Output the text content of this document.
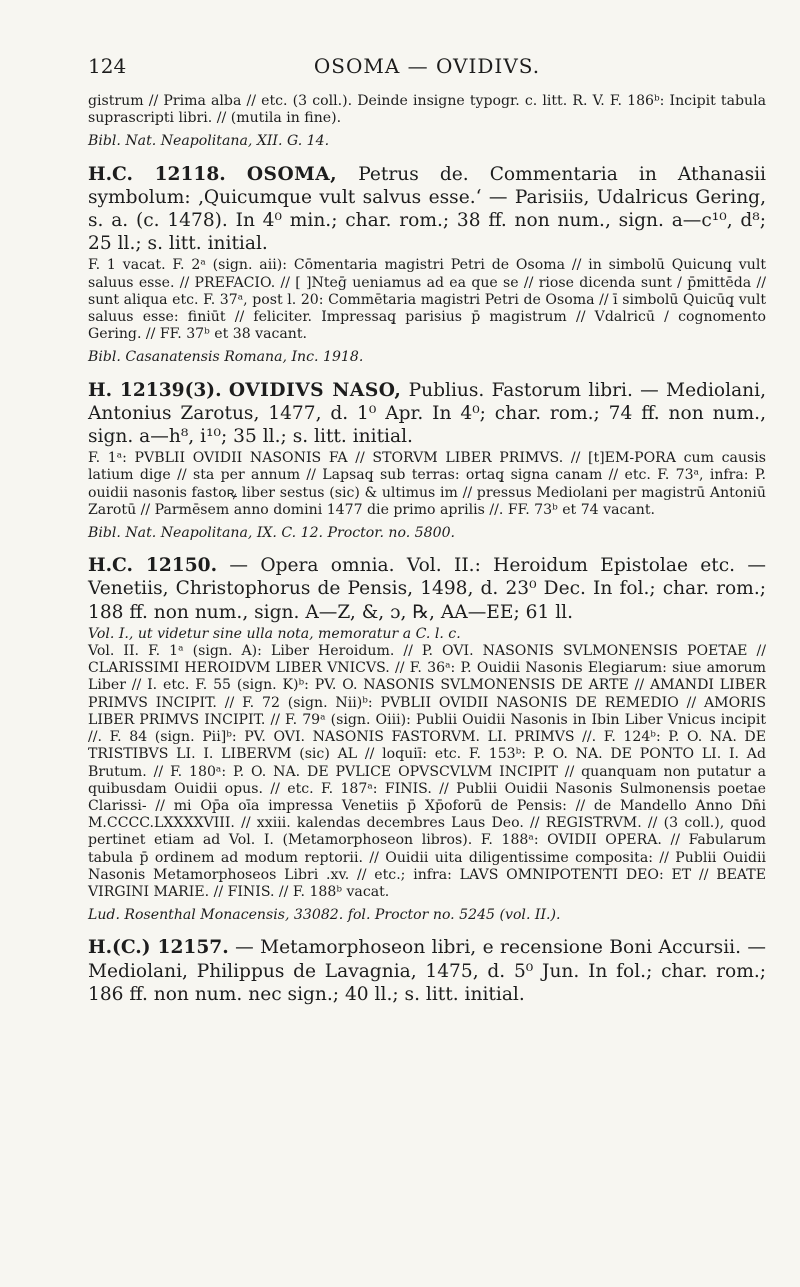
124	OSOMA — OVIDIVS.

gistrum // Prima alba // etc. (3 coll.). Deinde insigne typogr. c. litt. R. V. F. 186ᵇ: Incipit tabula suprascripti libri. // (mutila in fine).

Bibl. Nat. Neapolitana, XII. G. 14.

H.C. 12118. OSOMA, Petrus de. Commentaria in Athanasii symbolum: ‚Quicumque vult salvus esse.‘ — Parisiis, Udalricus Gering, s. a. (c. 1478). In 4⁰ min.; char. rom.; 38 ff. non num., sign. a—c¹⁰, d⁸; 25 ll.; s. litt. initial.

F. 1 vacat. F. 2ᵃ (sign. aii): Cōmentaria magistri Petri de Osoma // in simbolū Quicunq̧ vult saluus esse. // PREFACIO. // [ ]Nteḡ ueniamus ad ea que se // riose dicenda sunt / p̄mittēda // sunt aliqua etc. F. 37ᵃ, post l. 20: Commētaria magistri Petri de Osoma // ī simbolū Quicūq̧ vult saluus esse: finiūt // feliciter. Impressaq̧ parisius p̄ magistrum // Vdalricū / cognomento Gering. // FF. 37ᵇ et 38 vacant.

Bibl. Casanatensis Romana, Inc. 1918.

H. 12139(3). OVIDIVS NASO, Publius. Fastorum libri. — Mediolani, Antonius Zarotus, 1477, d. 1⁰ Apr. In 4⁰; char. rom.; 74 ff. non num., sign. a—h⁸, i¹⁰; 35 ll.; s. litt. initial.

F. 1ᵃ: PVBLII OVIDII NASONIS FA // STORVM LIBER PRIMVS. // [t]EM-PORA cum causis latium dige // sta per annum // Lapsaq̧ sub terras: ortaq̧ signa canam // etc. F. 73ᵃ, infra: P. ouidii nasonis fastoꝶ liber sestus (sic) & ultimus im // pressus Mediolani per magistrū Antoniū Zarotū // Parmēsem anno domini 1477 die primo aprilis //. FF. 73ᵇ et 74 vacant.

Bibl. Nat. Neapolitana, IX. C. 12. Proctor. no. 5800.

H.C. 12150. — Opera omnia. Vol. II.: Heroidum Epistolae etc. — Venetiis, Christophorus de Pensis, 1498, d. 23⁰ Dec. In fol.; char. rom.; 188 ff. non num., sign. A—Z, &, ɔ, ℞, AA—EE; 61 ll.

Vol. I., ut videtur sine ulla nota, memoratur a C. l. c.

Vol. II. F. 1ᵃ (sign. A): Liber Heroidum. // P. OVI. NASONIS SVLMONENSIS POETAE // CLARISSIMI HEROIDVM LIBER VNICVS. // F. 36ᵃ: P. Ouidii Nasonis Elegiarum: siue amorum Liber // I. etc. F. 55 (sign. K)ᵇ: PV. O. NASONIS SVLMONENSIS DE ARTE // AMANDI LIBER PRIMVS INCIPIT. // F. 72 (sign. Nii)ᵇ: PVBLII OVIDII NASONIS DE REMEDIO // AMORIS LIBER PRIMVS INCIPIT. // F. 79ᵃ (sign. Oiii): Publii Ouidii Nasonis in Ibin Liber Vnicus incipit //. F. 84 (sign. Pii]ᵇ: PV. OVI. NASONIS FASTORVM. LI. PRIMVS //. F. 124ᵇ: P. O. NA. DE TRISTIBVS LI. I. LIBERVM (sic) AL // loquiī: etc. F. 153ᵇ: P. O. NA. DE PONTO LI. I. Ad Brutum. // F. 180ᵃ: P. O. NA. DE PVLICE OPVSCVLVM INCIPIT // quanquam non putatur a quibusdam Ouidii opus. // etc. F. 187ᵃ: FINIS. // Publii Ouidii Nasonis Sulmonensis poetae Clarissi- // mi Op̄a oīa impressa Venetiis p̄ Xp̄oforū de Pensis: // de Mandello Anno Dn̄i M.CCCC.LXXXXVIII. // xxiii. kalendas decembres Laus Deo. // REGISTRVM. // (3 coll.), quod pertinet etiam ad Vol. I. (Metamorphoseon libros). F. 188ᵃ: OVIDII OPERA. // Fabularum tabula p̄ ordinem ad modum reptorii. // Ouidii uita diligentissime composita: // Publii Ouidii Nasonis Metamorphoseos Libri .xv. // etc.; infra: LAVS OMNIPOTENTI DEO: ET // BEATE VIRGINI MARIE. // FINIS. // F. 188ᵇ vacat.

Lud. Rosenthal Monacensis, 33082. fol. Proctor no. 5245 (vol. II.).

H.(C.) 12157. — Metamorphoseon libri, e recensione Boni Accursii. — Mediolani, Philippus de Lavagnia, 1475, d. 5⁰ Jun. In fol.; char. rom.; 186 ff. non num. nec sign.; 40 ll.; s. litt. initial.
